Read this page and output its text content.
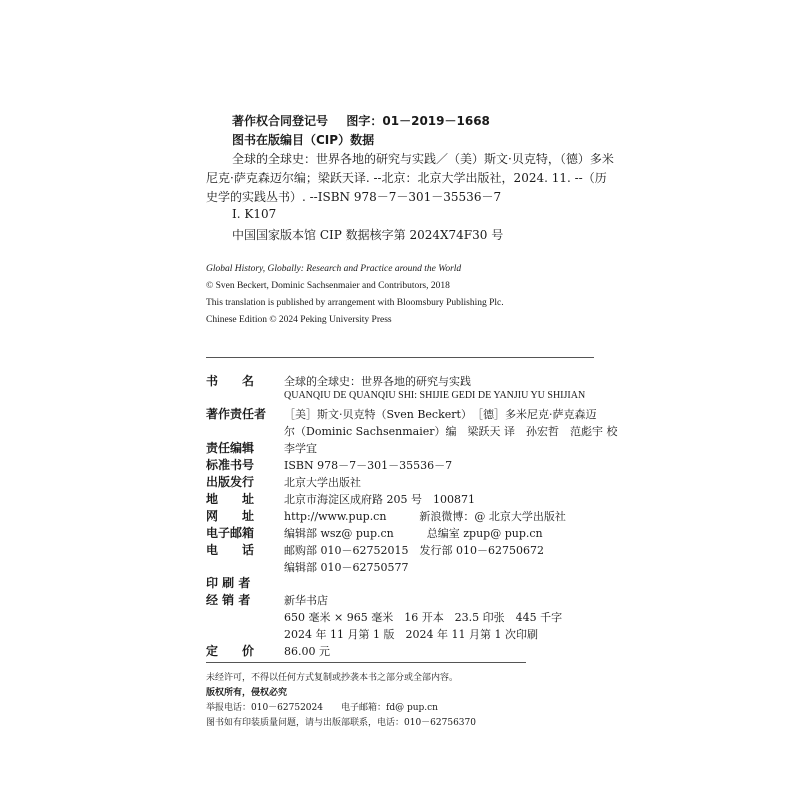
著作权合同登记号 图字：01－2019－1668
图书在版编目（CIP）数据
全球的全球史：世界各地的研究与实践／（美）斯文·贝克特，（德）多米
尼克·萨克森迈尔编；梁跃天译. --北京：北京大学出版社，2024. 11. --（历
史学的实践丛书）. --ISBN 978－7－301－35536－7
Ⅰ. K107
中国国家版本馆 CIP 数据核字第 2024X74F30 号
Global History, Globally: Research and Practice around the World
© Sven Beckert, Dominic Sachsenmaier and Contributors, 2018
This translation is published by arrangement with Bloomsbury Publishing Plc.
Chinese Edition © 2024 Peking University Press
书　　名	全球的全球史：世界各地的研究与实践
QUANQIU DE QUANQIU SHI: SHIJIE GEDI DE YANJIU YU SHIJIAN
著作责任者 ［美］斯文·贝克特（Sven Beckert）　［德］多米尼克·萨克森迈
尔（Dominic Sachsenmaier）编　梁跃天 译　孙宏哲　范彪宇 校
责任编辑	李学宜
标准书号	ISBN 978－7－301－35536－7
出版发行	北京大学出版社
地　　址	北京市海淀区成府路 205 号　100871
网　　址	http://www.pup.cn　　　新浪微博：@ 北京大学出版社
电子邮箱	编辑部 wsz@ pup.cn　　　总编室 zpup@ pup.cn
电　　话	邮购部 010－62752015　发行部 010－62750672
编辑部 010－62750577
印 刷 者
经 销 者	新华书店
650 毫米 × 965 毫米　16 开本　23.5 印张　445 千字
2024 年 11 月第 1 版　2024 年 11 月第 1 次印刷
定　　价	86.00 元
未经许可，不得以任何方式复制或抄袭本书之部分或全部内容。
版权所有，侵权必究
举报电话：010－62752024　　电子邮箱：fd@ pup.cn
图书如有印装质量问题，请与出版部联系，电话：010－62756370
